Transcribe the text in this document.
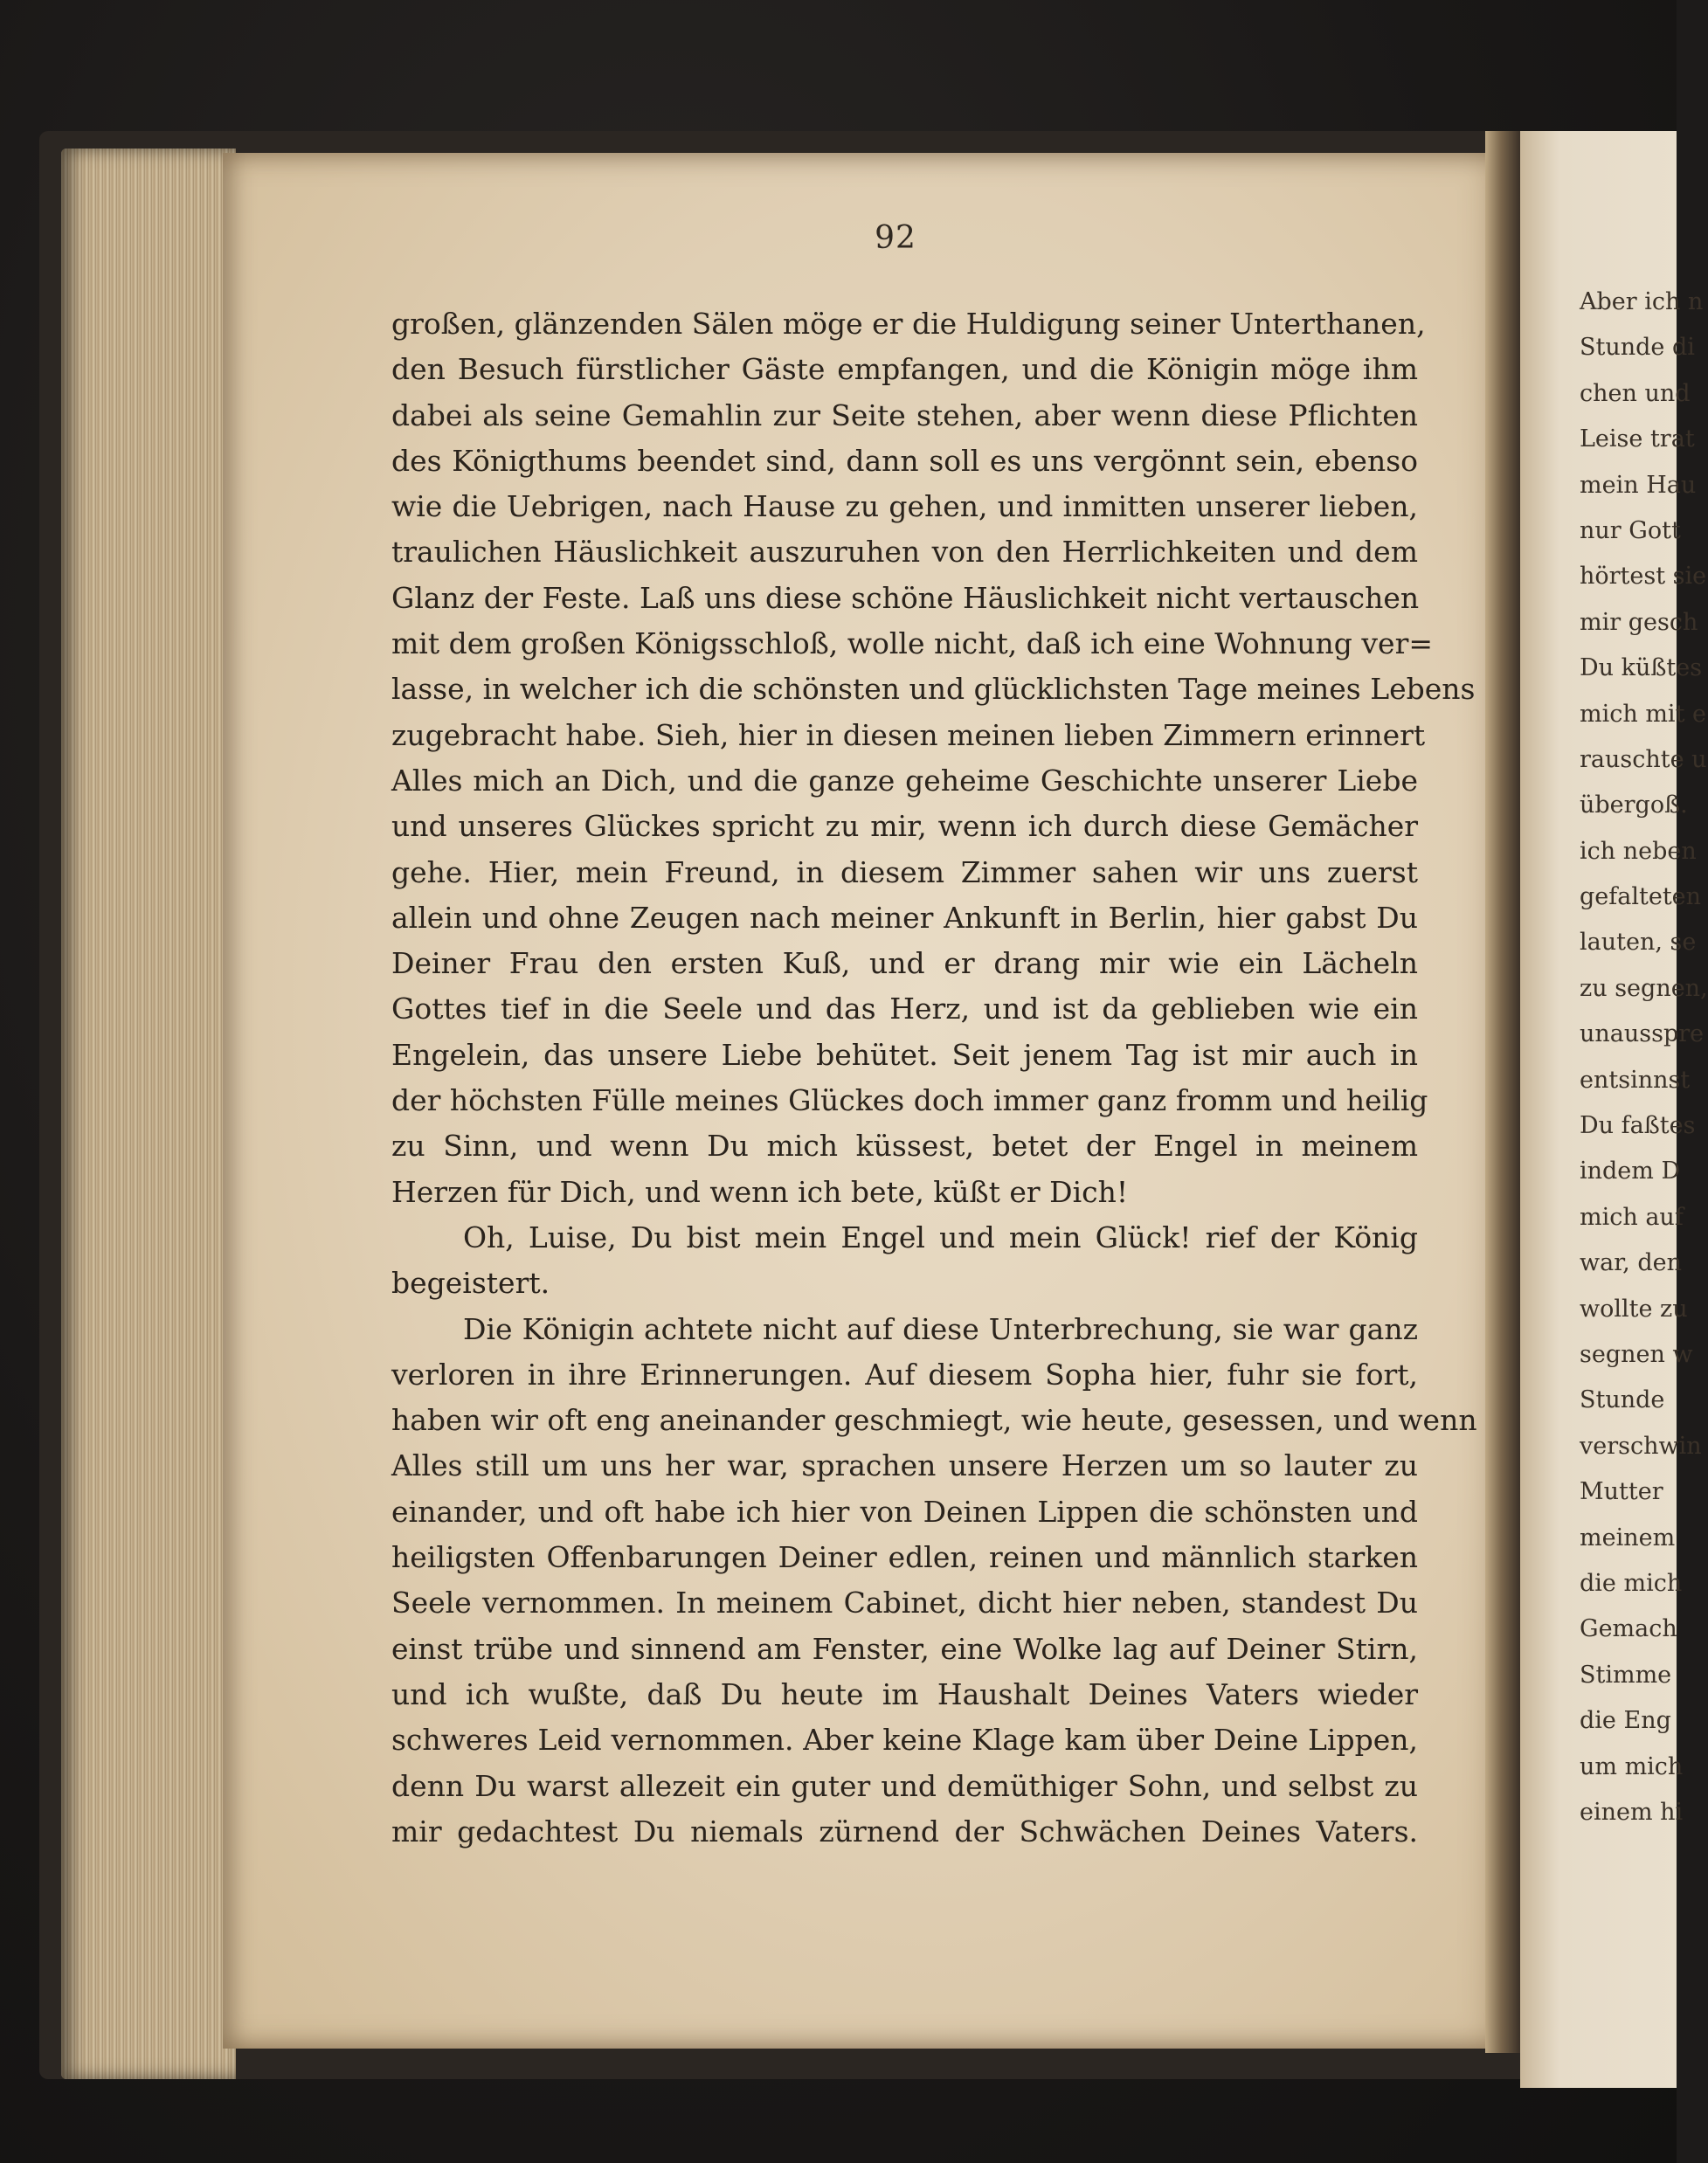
92
großen, glänzenden Sälen möge er die Huldigung seiner Unterthanen,
den Besuch fürstlicher Gäste empfangen, und die Königin möge ihm
dabei als seine Gemahlin zur Seite stehen, aber wenn diese Pflichten
des Königthums beendet sind, dann soll es uns vergönnt sein, ebenso
wie die Uebrigen, nach Hause zu gehen, und inmitten unserer lieben,
traulichen Häuslichkeit auszuruhen von den Herrlichkeiten und dem
Glanz der Feste. Laß uns diese schöne Häuslichkeit nicht vertauschen
mit dem großen Königsschloß, wolle nicht, daß ich eine Wohnung ver=
lasse, in welcher ich die schönsten und glücklichsten Tage meines Lebens
zugebracht habe. Sieh, hier in diesen meinen lieben Zimmern erinnert
Alles mich an Dich, und die ganze geheime Geschichte unserer Liebe
und unseres Glückes spricht zu mir, wenn ich durch diese Gemächer
gehe. Hier, mein Freund, in diesem Zimmer sahen wir uns zuerst
allein und ohne Zeugen nach meiner Ankunft in Berlin, hier gabst Du
Deiner Frau den ersten Kuß, und er drang mir wie ein Lächeln
Gottes tief in die Seele und das Herz, und ist da geblieben wie ein
Engelein, das unsere Liebe behütet. Seit jenem Tag ist mir auch in
der höchsten Fülle meines Glückes doch immer ganz fromm und heilig
zu Sinn, und wenn Du mich küssest, betet der Engel in meinem
Herzen für Dich, und wenn ich bete, küßt er Dich!
Oh, Luise, Du bist mein Engel und mein Glück! rief der König
begeistert.
Die Königin achtete nicht auf diese Unterbrechung, sie war ganz
verloren in ihre Erinnerungen. Auf diesem Sopha hier, fuhr sie fort,
haben wir oft eng aneinander geschmiegt, wie heute, gesessen, und wenn
Alles still um uns her war, sprachen unsere Herzen um so lauter zu
einander, und oft habe ich hier von Deinen Lippen die schönsten und
heiligsten Offenbarungen Deiner edlen, reinen und männlich starken
Seele vernommen. In meinem Cabinet, dicht hier neben, standest Du
einst trübe und sinnend am Fenster, eine Wolke lag auf Deiner Stirn,
und ich wußte, daß Du heute im Haushalt Deines Vaters wieder
schweres Leid vernommen. Aber keine Klage kam über Deine Lippen,
denn Du warst allezeit ein guter und demüthiger Sohn, und selbst zu
mir gedachtest Du niemals zürnend der Schwächen Deines Vaters.
Aber ich n
Stunde di
chen und
Leise trat
mein Hau
nur Gott
hörtest sie
mir gesch
Du küßtes
mich mit e
rauschte u
übergoß.
ich neben
gefalteten
lauten, se
zu segnen,
unausspre
entsinnst
Du faßtes
indem D
mich auf
war, den
wollte zu
segnen w
Stunde
verschwin
Mutter
meinem
die mich
Gemach
Stimme
die Eng
um mich
einem hi
